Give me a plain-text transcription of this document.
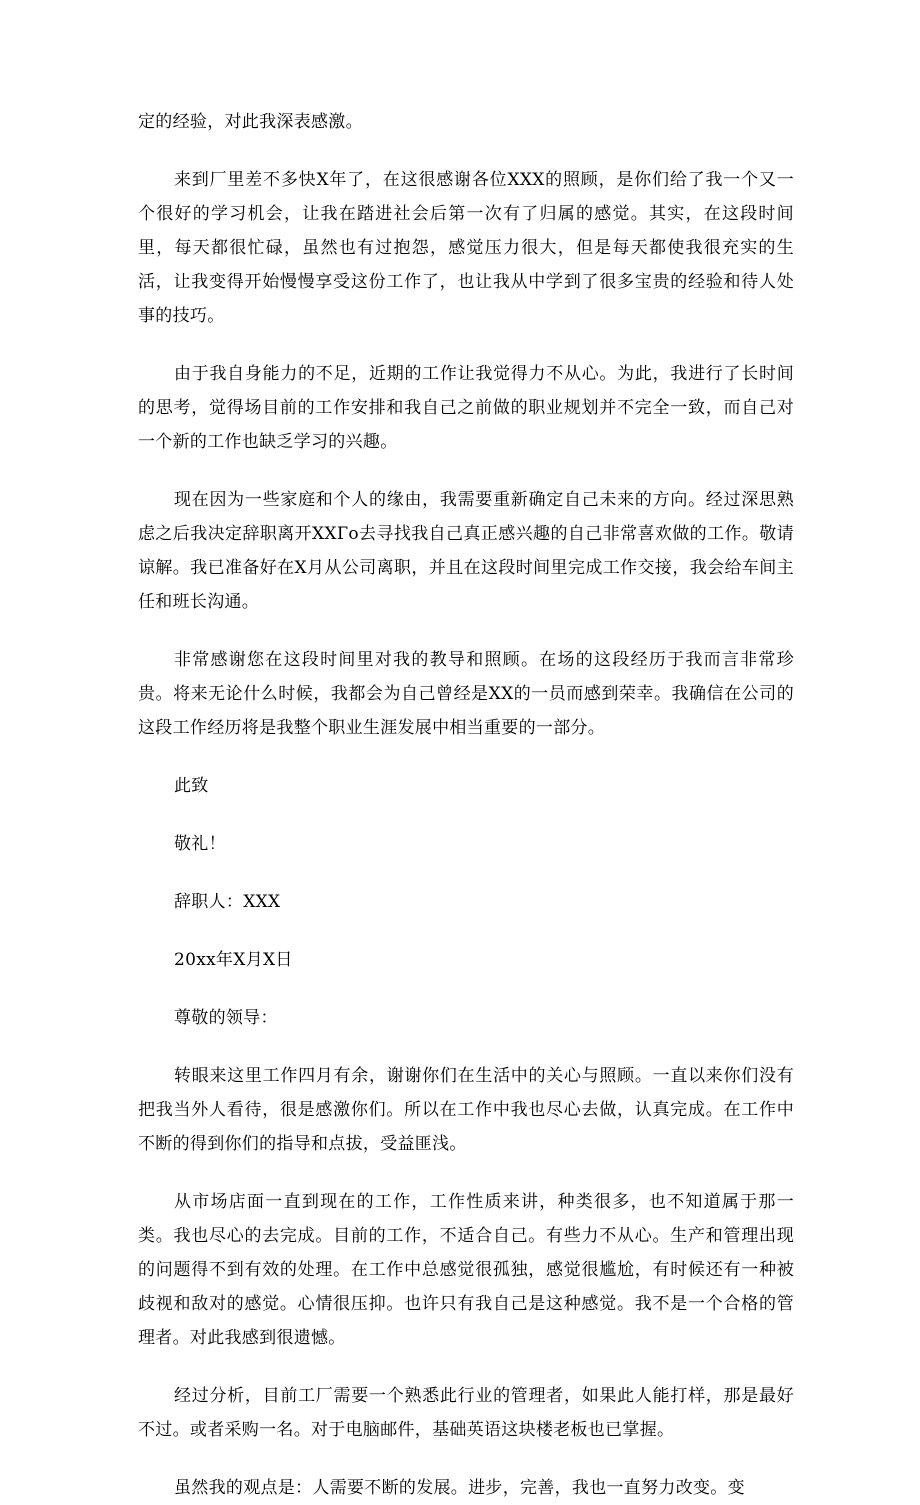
定的经验，对此我深表感激。

来到厂里差不多快X年了，在这很感谢各位XXX的照顾，是你们给了我一个又一个很好的学习机会，让我在踏进社会后第一次有了归属的感觉。其实，在这段时间里，每天都很忙碌，虽然也有过抱怨，感觉压力很大，但是每天都使我很充实的生活，让我变得开始慢慢享受这份工作了，也让我从中学到了很多宝贵的经验和待人处事的技巧。

由于我自身能力的不足，近期的工作让我觉得力不从心。为此，我进行了长时间的思考，觉得场目前的工作安排和我自己之前做的职业规划并不完全一致，而自己对一个新的工作也缺乏学习的兴趣。

现在因为一些家庭和个人的缘由，我需要重新确定自己未来的方向。经过深思熟虑之后我决定辞职离开XXГo去寻找我自己真正感兴趣的自己非常喜欢做的工作。敬请谅解。我已准备好在X月从公司离职，并且在这段时间里完成工作交接，我会给车间主任和班长沟通。

非常感谢您在这段时间里对我的教导和照顾。在场的这段经历于我而言非常珍贵。将来无论什么时候，我都会为自己曾经是XX的一员而感到荣幸。我确信在公司的这段工作经历将是我整个职业生涯发展中相当重要的一部分。

此致

敬礼！

辞职人：XXX

20xx年X月X日

尊敬的领导：

转眼来这里工作四月有余，谢谢你们在生活中的关心与照顾。一直以来你们没有把我当外人看待，很是感激你们。所以在工作中我也尽心去做，认真完成。在工作中不断的得到你们的指导和点拔，受益匪浅。

从市场店面一直到现在的工作，工作性质来讲，种类很多，也不知道属于那一类。我也尽心的去完成。目前的工作，不适合自己。有些力不从心。生产和管理出现的问题得不到有效的处理。在工作中总感觉很孤独，感觉很尴尬，有时候还有一种被歧视和敌对的感觉。心情很压抑。也许只有我自己是这种感觉。我不是一个合格的管理者。对此我感到很遗憾。

经过分析，目前工厂需要一个熟悉此行业的管理者，如果此人能打样，那是最好不过。或者采购一名。对于电脑邮件，基础英语这块楼老板也已掌握。

虽然我的观点是：人需要不断的发展。进步，完善，我也一直努力改变。变
